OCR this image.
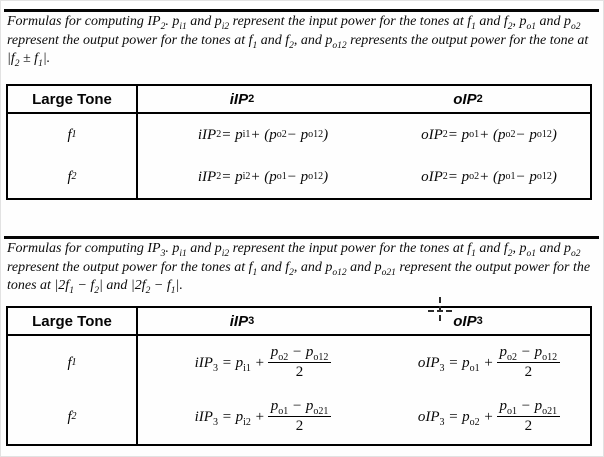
Formulas for computing $IP_2$. $p_{i1}$ and $p_{i2}$ represent the input power for the tones at $f_1$ and $f_2$, $p_{o1}$ and $p_{o2}$ represent the output power for the tones at $f_1$ and $f_2$, and $p_{o12}$ represents the output power for the tone at $|f_2 \pm f_1|$.

Large Tone	iIP 2	oIP 2
f 1	iIP 2 = p i1 + (p o2 − p o12 )	oIP 2 = p o1 + (p o2 − p o12 )
f 2	iIP 2 = p i2 + (p o1 − p o12 )	oIP 2 = p o2 + (p o1 − p o12 )

Formulas for computing $IP_3$. $p_{i1}$ and $p_{i2}$ represent the input power for the tones at $f_1$ and $f_2$, $p_{o1}$ and $p_{o2}$ represent the output power for the tones at $f_1$ and $f_2$, and $p_{o12}$ and $p_{o21}$ represent the output power for the tones at $|2f_1 - f_2|$ and $|2f_2 - f_1|$.

Large Tone	iIP 3	oIP 3
f 1	$iIP_3 = p_{i1} + \frac{p_{o2} - p_{o12}}{2}$	$oIP_3 = p_{o1} + \frac{p_{o2} - p_{o12}}{2}$
f 2	$iIP_3 = p_{i2} + \frac{p_{o1} - p_{o21}}{2}$	$oIP_3 = p_{o2} + \frac{p_{o1} - p_{o21}}{2}$
